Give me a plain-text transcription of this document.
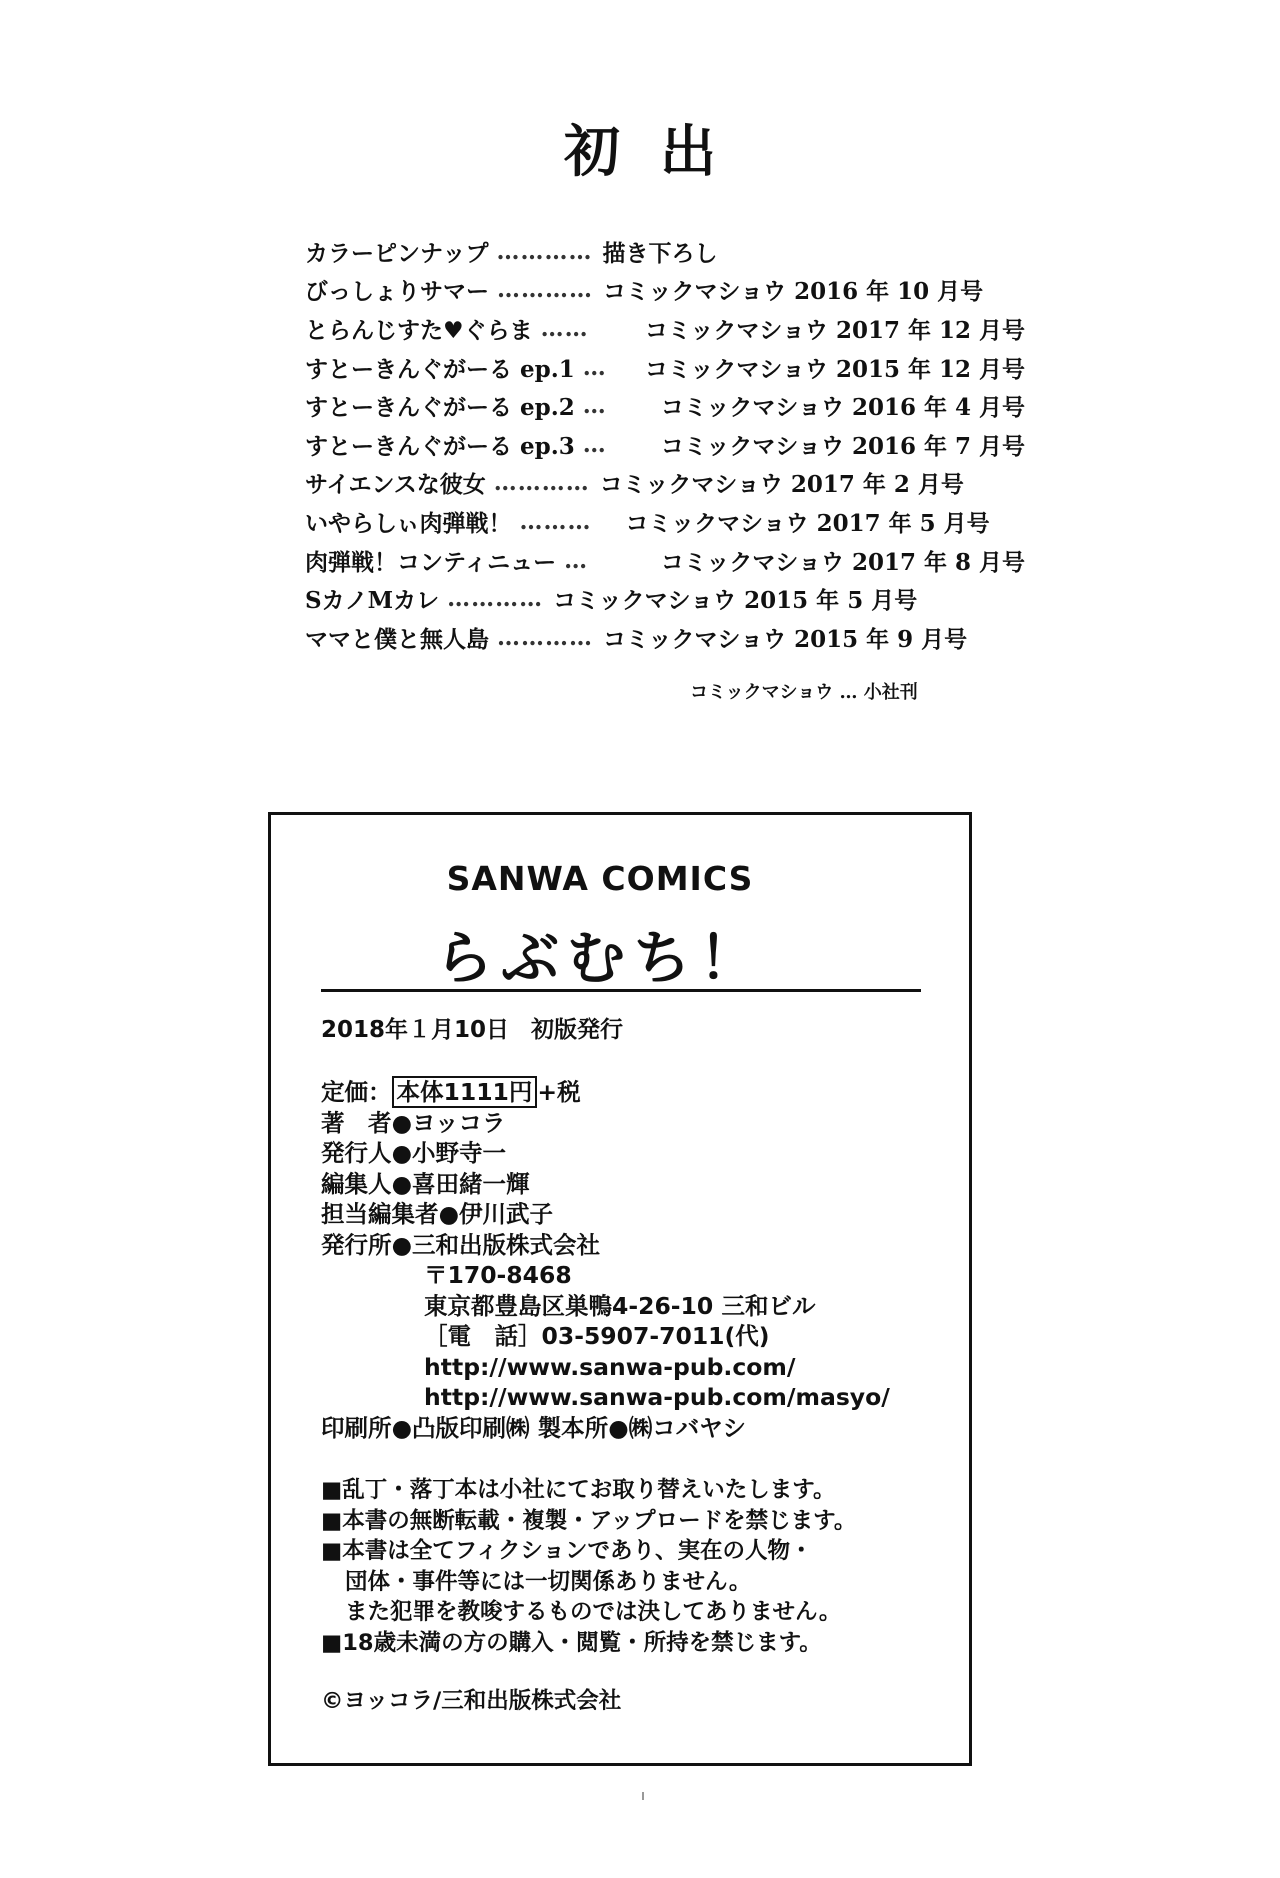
初出
カラーピンナップ ………… 描き下ろし
びっしょりサマー ………… コミックマショウ 2016 年 10 月号
とらんじすた♥ぐらま ……	コミックマショウ 2017 年 12 月号
すとーきんぐがーる ep.1 …	コミックマショウ 2015 年 12 月号
すとーきんぐがーる ep.2 …	コミックマショウ 2016 年 4 月号
すとーきんぐがーる ep.3 …	コミックマショウ 2016 年 7 月号
サイエンスな彼女 ………… コミックマショウ 2017 年 2 月号
いやらしぃ肉弾戦！ ………	コミックマショウ 2017 年 5 月号
肉弾戦！コンティニュー …	コミックマショウ 2017 年 8 月号
SカノMカレ ………… コミックマショウ 2015 年 5 月号
ママと僕と無人島 ………… コミックマショウ 2015 年 9 月号
コミックマショウ … 小社刊
SANWA COMICS
らぶむち！
2018年１月10日 初版発行
定価： 本体1111円 +税
著　者●ヨッコラ
発行人●小野寺一
編集人●喜田緒一輝
担当編集者●伊川武子
発行所●三和出版株式会社
〒170-8468
東京都豊島区巣鴨4-26-10 三和ビル
［電　話］03-5907-7011(代)
http://www.sanwa-pub.com/
http://www.sanwa-pub.com/masyo/
印刷所●凸版印刷㈱ 製本所●㈱コバヤシ
■乱丁・落丁本は小社にてお取り替えいたします。
■本書の無断転載・複製・アップロードを禁じます。
■本書は全てフィクションであり、実在の人物・
団体・事件等には一切関係ありません。
また犯罪を教唆するものでは決してありません。
■18歳未満の方の購入・閲覧・所持を禁じます。
©ヨッコラ/三和出版株式会社
